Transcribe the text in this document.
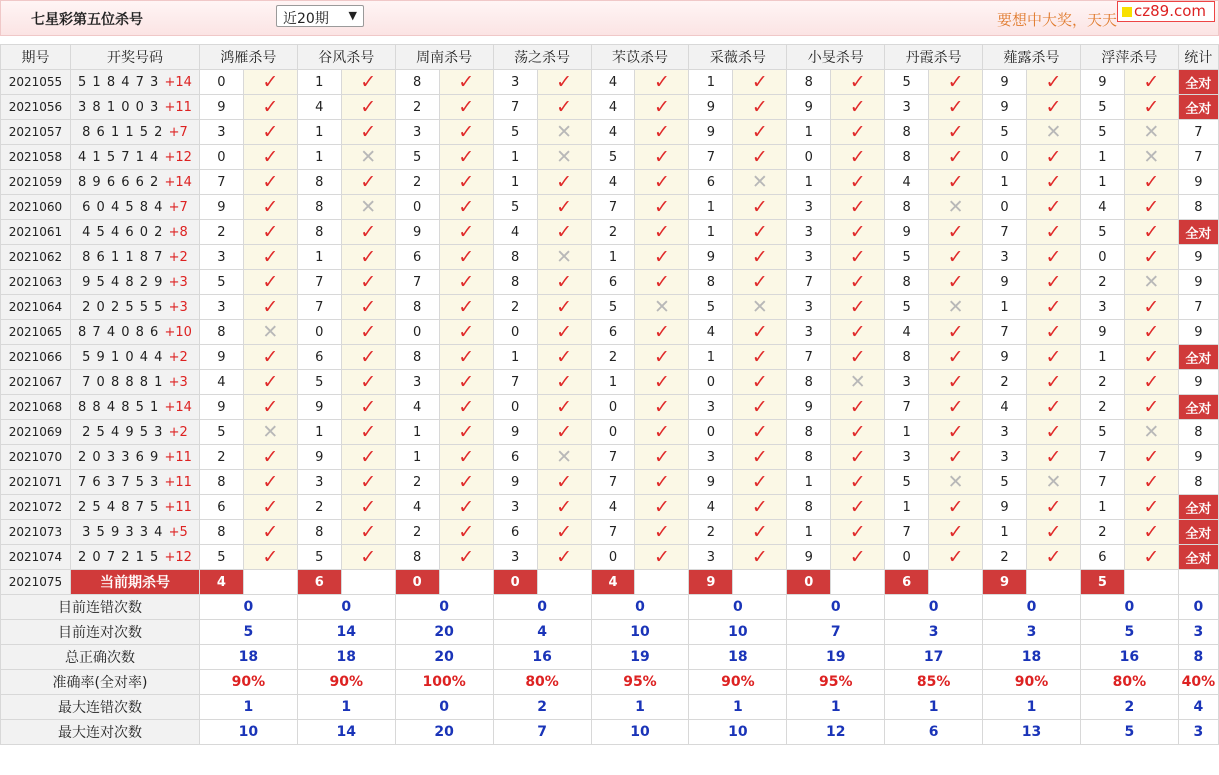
七星彩第五位杀号	近20期 ▼	要想中大奖，天天 cz89.com
期号	开奖号码	鸿雁杀号		谷风杀号		周南杀号		荡之杀号		芣苡杀号		采薇杀号		小旻杀号		丹霞杀号		薤露杀号		浮萍杀号		统计
2021055	5 1 8 4 7 3 +14	0	✓	1	✓	8	✓	3	✓	4	✓	1	✓	8	✓	5	✓	9	✓	9	✓	全对
2021056	3 8 1 0 0 3 +11	9	✓	4	✓	2	✓	7	✓	4	✓	9	✓	9	✓	3	✓	9	✓	5	✓	全对
2021057	8 6 1 1 5 2 +7	3	✓	1	✓	3	✓	5	✕	4	✓	9	✓	1	✓	8	✓	5	✕	5	✕	7
2021058	4 1 5 7 1 4 +12	0	✓	1	✕	5	✓	1	✕	5	✓	7	✓	0	✓	8	✓	0	✓	1	✕	7
2021059	8 9 6 6 6 2 +14	7	✓	8	✓	2	✓	1	✓	4	✓	6	✕	1	✓	4	✓	1	✓	1	✓	9
2021060	6 0 4 5 8 4 +7	9	✓	8	✕	0	✓	5	✓	7	✓	1	✓	3	✓	8	✕	0	✓	4	✓	8
2021061	4 5 4 6 0 2 +8	2	✓	8	✓	9	✓	4	✓	2	✓	1	✓	3	✓	9	✓	7	✓	5	✓	全对
2021062	8 6 1 1 8 7 +2	3	✓	1	✓	6	✓	8	✕	1	✓	9	✓	3	✓	5	✓	3	✓	0	✓	9
2021063	9 5 4 8 2 9 +3	5	✓	7	✓	7	✓	8	✓	6	✓	8	✓	7	✓	8	✓	9	✓	2	✕	9
2021064	2 0 2 5 5 5 +3	3	✓	7	✓	8	✓	2	✓	5	✕	5	✕	3	✓	5	✕	1	✓	3	✓	7
2021065	8 7 4 0 8 6 +10	8	✕	0	✓	0	✓	0	✓	6	✓	4	✓	3	✓	4	✓	7	✓	9	✓	9
2021066	5 9 1 0 4 4 +2	9	✓	6	✓	8	✓	1	✓	2	✓	1	✓	7	✓	8	✓	9	✓	1	✓	全对
2021067	7 0 8 8 8 1 +3	4	✓	5	✓	3	✓	7	✓	1	✓	0	✓	8	✕	3	✓	2	✓	2	✓	9
2021068	8 8 4 8 5 1 +14	9	✓	9	✓	4	✓	0	✓	0	✓	3	✓	9	✓	7	✓	4	✓	2	✓	全对
2021069	2 5 4 9 5 3 +2	5	✕	1	✓	1	✓	9	✓	0	✓	0	✓	8	✓	1	✓	3	✓	5	✕	8
2021070	2 0 3 3 6 9 +11	2	✓	9	✓	1	✓	6	✕	7	✓	3	✓	8	✓	3	✓	3	✓	7	✓	9
2021071	7 6 3 7 5 3 +11	8	✓	3	✓	2	✓	9	✓	7	✓	9	✓	1	✓	5	✕	5	✕	7	✓	8
2021072	2 5 4 8 7 5 +11	6	✓	2	✓	4	✓	3	✓	4	✓	4	✓	8	✓	1	✓	9	✓	1	✓	全对
2021073	3 5 9 3 3 4 +5	8	✓	8	✓	2	✓	6	✓	7	✓	2	✓	1	✓	7	✓	1	✓	2	✓	全对
2021074	2 0 7 2 1 5 +12	5	✓	5	✓	8	✓	3	✓	0	✓	3	✓	9	✓	0	✓	2	✓	6	✓	全对
2021075	当前期杀号	4		6		0		0		4		9		0		6		9		5		
目前连错次数		0		0		0		0		0		0		0		0		0		0		0
目前连对次数		5		14		20		4		10		10		7		3		3		5		3
总正确次数		18		18		20		16		19		18		19		17		18		16		8
准确率(全对率)		90%		90%		100%		80%		95%		90%		95%		85%		90%		80%		40%
最大连错次数		1		1		0		2		1		1		1		1		1		2		4
最大连对次数		10		14		20		7		10		10		12		6		13		5		3
